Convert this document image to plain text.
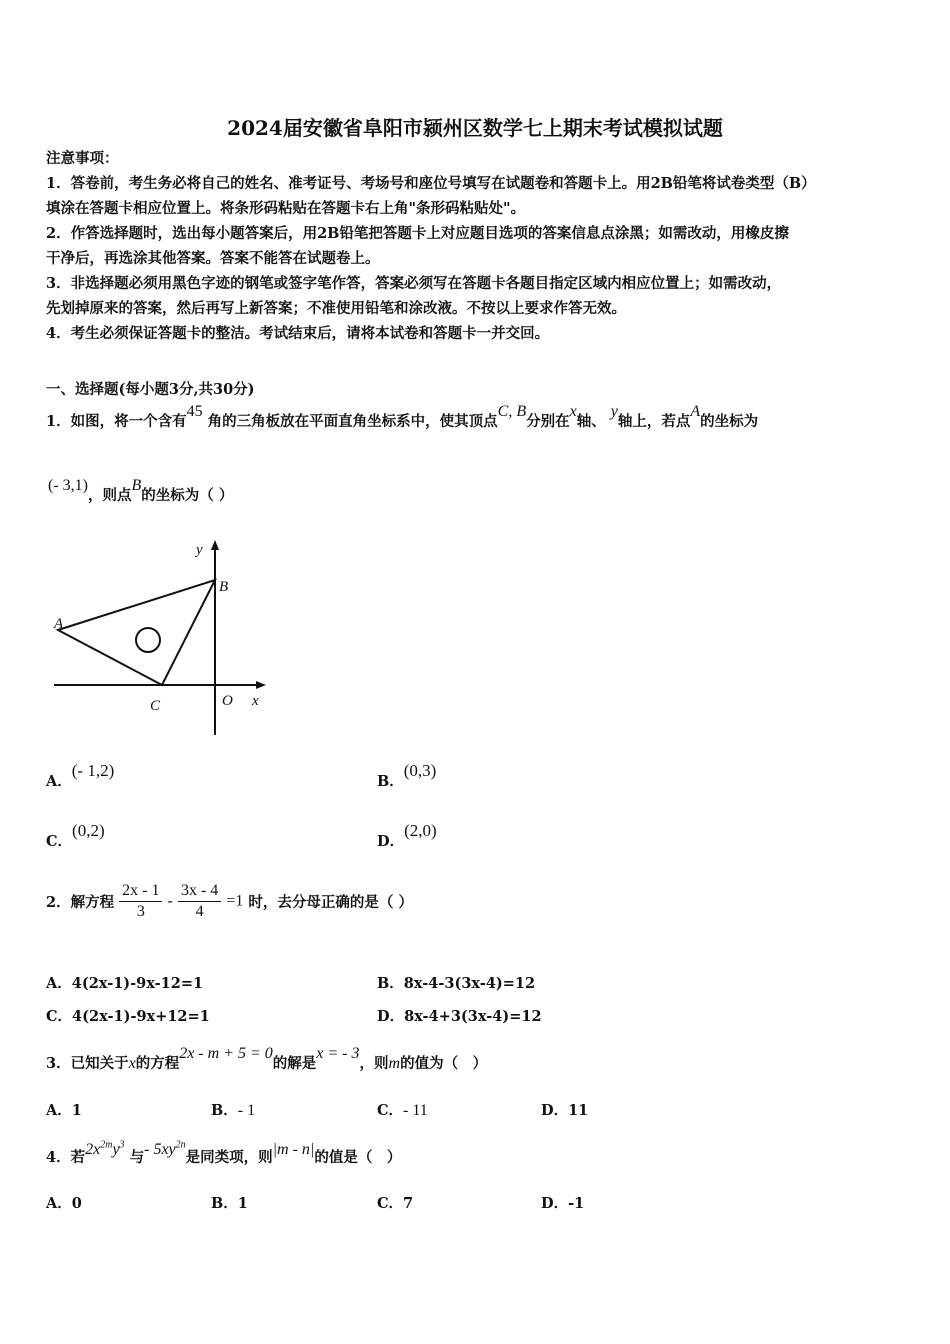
2024届安徽省阜阳市颍州区数学七上期末考试模拟试题

注意事项：

1．答卷前，考生务必将自己的姓名、准考证号、考场号和座位号填写在试题卷和答题卡上。用2B铅笔将试卷类型（B）

填涂在答题卡相应位置上。将条形码粘贴在答题卡右上角"条形码粘贴处"。

2．作答选择题时，选出每小题答案后，用2B铅笔把答题卡上对应题目选项的答案信息点涂黑；如需改动，用橡皮擦

干净后，再选涂其他答案。答案不能答在试题卷上。

3．非选择题必须用黑色字迹的钢笔或签字笔作答，答案必须写在答题卡各题目指定区域内相应位置上；如需改动，

先划掉原来的答案，然后再写上新答案；不准使用铅笔和涂改液。不按以上要求作答无效。

4．考生必须保证答题卡的整洁。考试结束后，请将本试卷和答题卡一并交回。

一、选择题(每小题3分,共30分)
1．如图，将一个含有45 角的三角板放在平面直角坐标系中，使其顶点C, B分别在x轴、 y轴上，若点A的坐标为
(- 3,1)，则点B的坐标为（ ）
y
B
A
C	O x
A．(- 1,2)
B．(0,3)
C．(0,2)
D．(2,0)
2．解方程 $\frac{2x - 1}{3} - \frac{3x - 4}{4} =1$ 时，去分母正确的是（ ）
A．4(2x-1)-9x-12=1	B．8x-4-3(3x-4)=12
C．4(2x-1)-9x+12=1	D．8x-4+3(3x-4)=12
3．已知关于x的方程2x - m + 5 = 0的解是x = - 3，则m的值为（　）
A．1	B．- 1	C．- 11	D．11
4．若$2x^{2m}y^3$ 与- $5xy^{2n}$是同类项，则|m - n|的值是（　）
A．0	B．1	C．7	D．-1
